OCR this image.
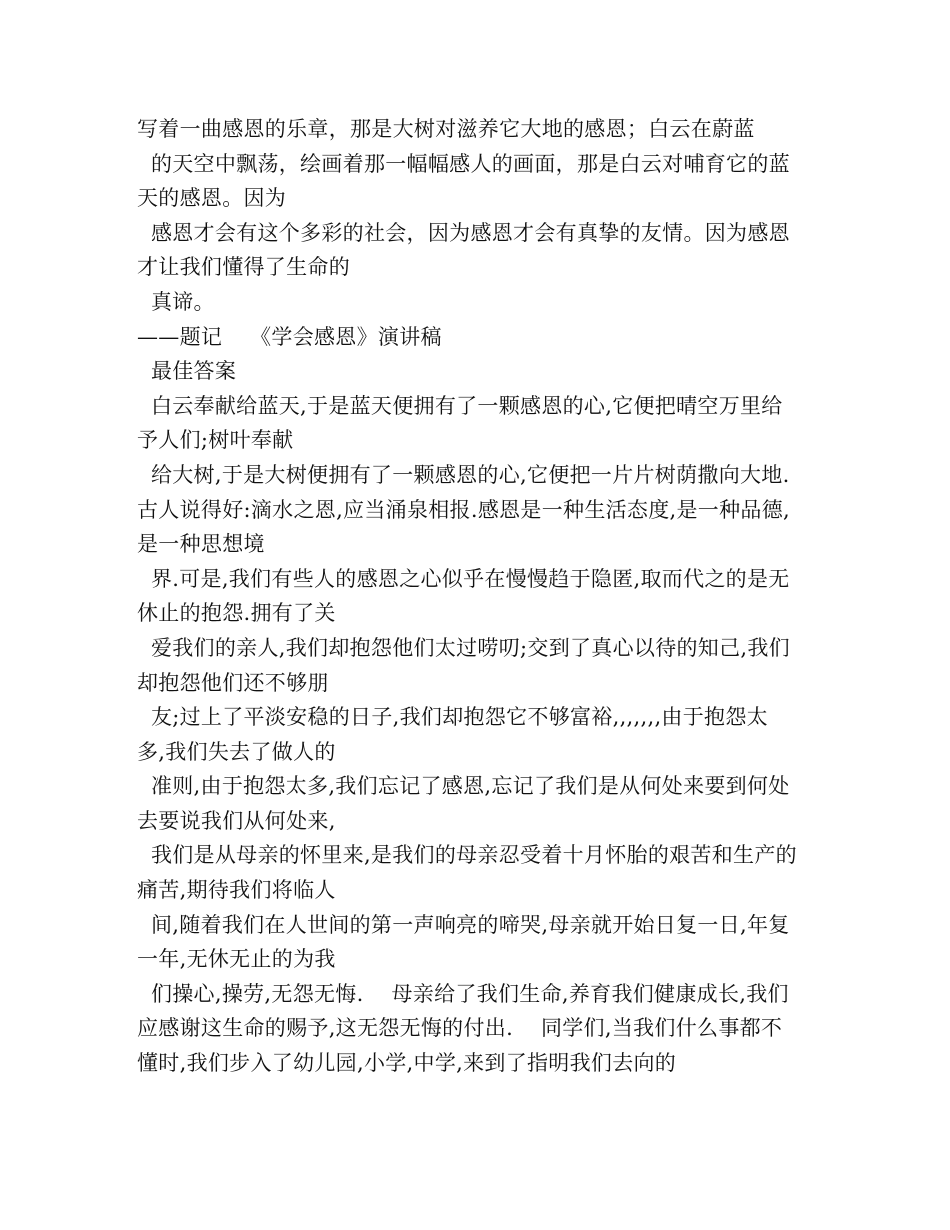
写着一曲感恩的乐章，那是大树对滋养它大地的感恩；白云在蔚蓝
的天空中飘荡，绘画着那一幅幅感人的画面，那是白云对哺育它的蓝
天的感恩。因为
感恩才会有这个多彩的社会，因为感恩才会有真挚的友情。因为感恩
才让我们懂得了生命的
真谛。
——题记    《学会感恩》演讲稿
最佳答案
白云奉献给蓝天,于是蓝天便拥有了一颗感恩的心,它便把晴空万里给
予人们;树叶奉献
给大树,于是大树便拥有了一颗感恩的心,它便把一片片树荫撒向大地.
古人说得好:滴水之恩,应当涌泉相报.感恩是一种生活态度,是一种品德,
是一种思想境
界.可是,我们有些人的感恩之心似乎在慢慢趋于隐匿,取而代之的是无
休止的抱怨.拥有了关
爱我们的亲人,我们却抱怨他们太过唠叨;交到了真心以待的知己,我们
却抱怨他们还不够朋
友;过上了平淡安稳的日子,我们却抱怨它不够富裕,,,,,,,由于抱怨太
多,我们失去了做人的
准则,由于抱怨太多,我们忘记了感恩,忘记了我们是从何处来要到何处
去要说我们从何处来,
我们是从母亲的怀里来,是我们的母亲忍受着十月怀胎的艰苦和生产的
痛苦,期待我们将临人
间,随着我们在人世间的第一声响亮的啼哭,母亲就开始日复一日,年复
一年,无休无止的为我
们操心,操劳,无怨无悔.    母亲给了我们生命,养育我们健康成长,我们
应感谢这生命的赐予,这无怨无悔的付出.    同学们,当我们什么事都不
懂时,我们步入了幼儿园,小学,中学,来到了指明我们去向的
